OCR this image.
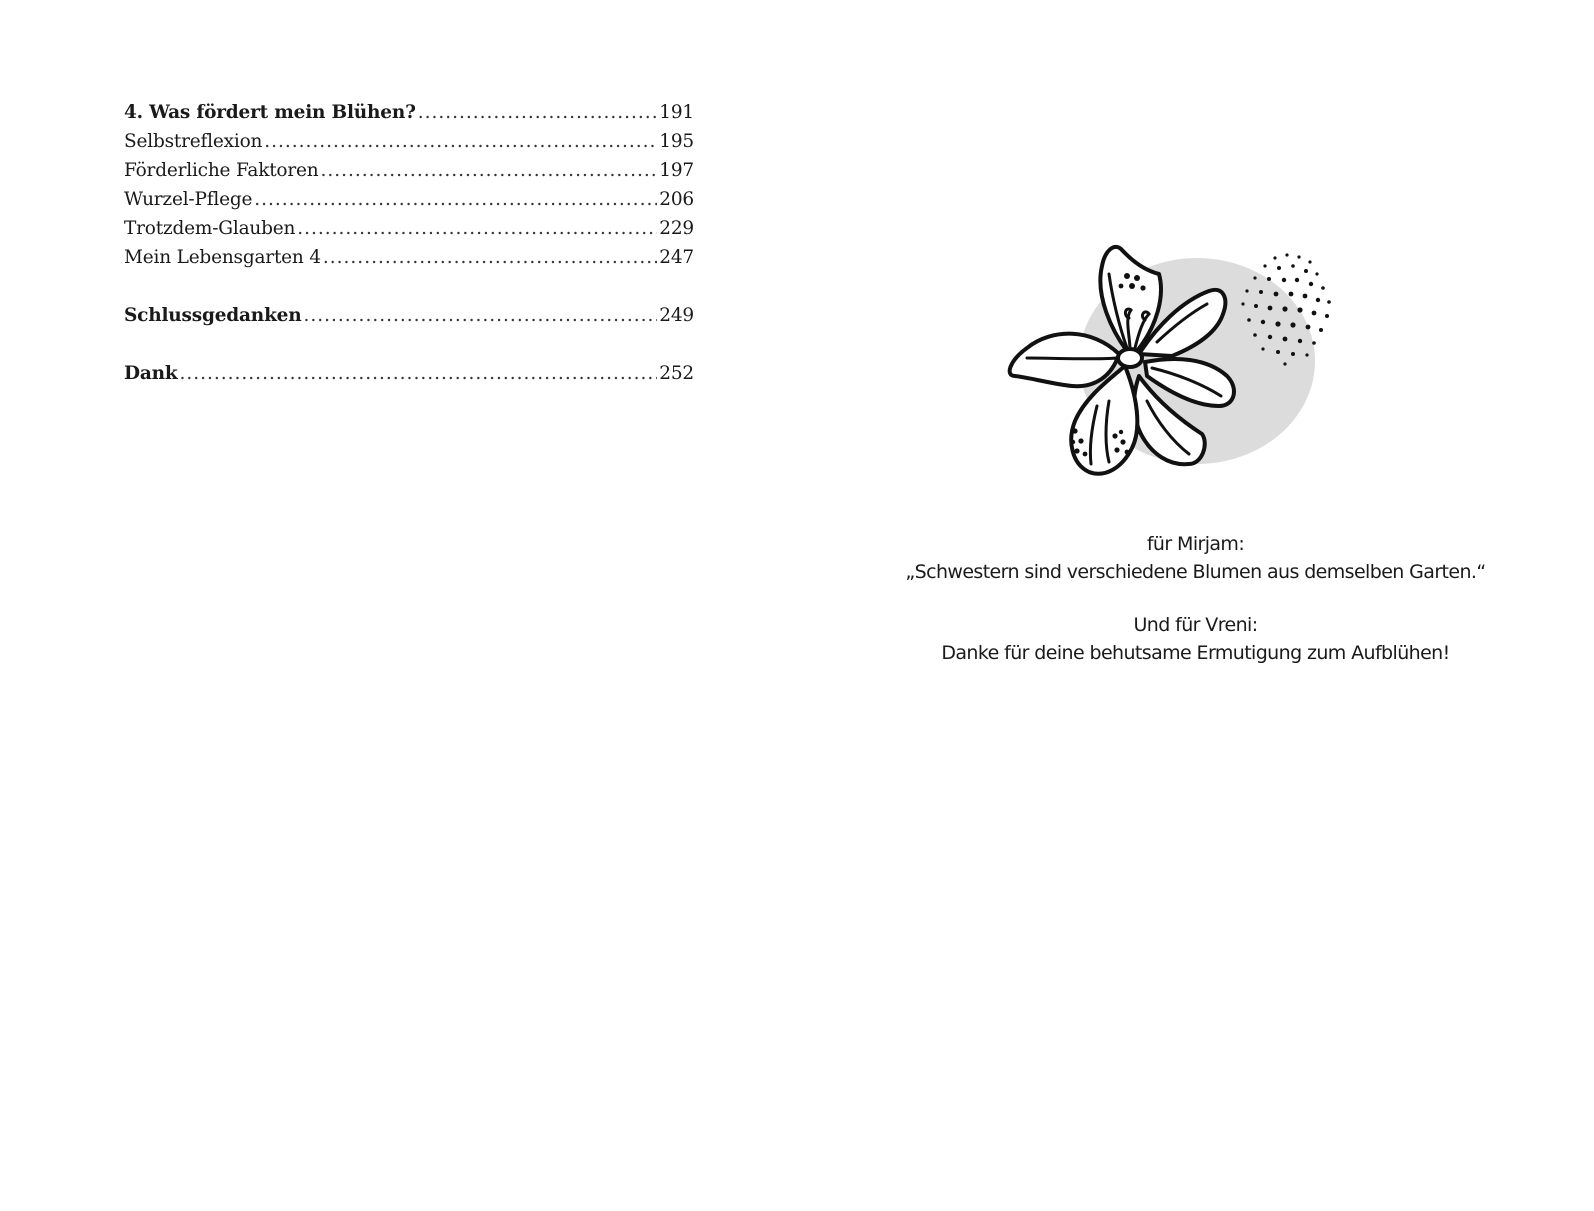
4. Was fördert mein Blühen? .....	191
Selbstreflexion .....	195
Förderliche Faktoren .....	197
Wurzel-Pflege .....	206
Trotzdem-Glauben .....	229
Mein Lebensgarten 4 .....	247
Schlussgedanken .....	249
Dank .....	252

für Mirjam:

„Schwestern sind verschiedene Blumen aus demselben Garten.“

Und für Vreni:

Danke für deine behutsame Ermutigung zum Aufblühen!
